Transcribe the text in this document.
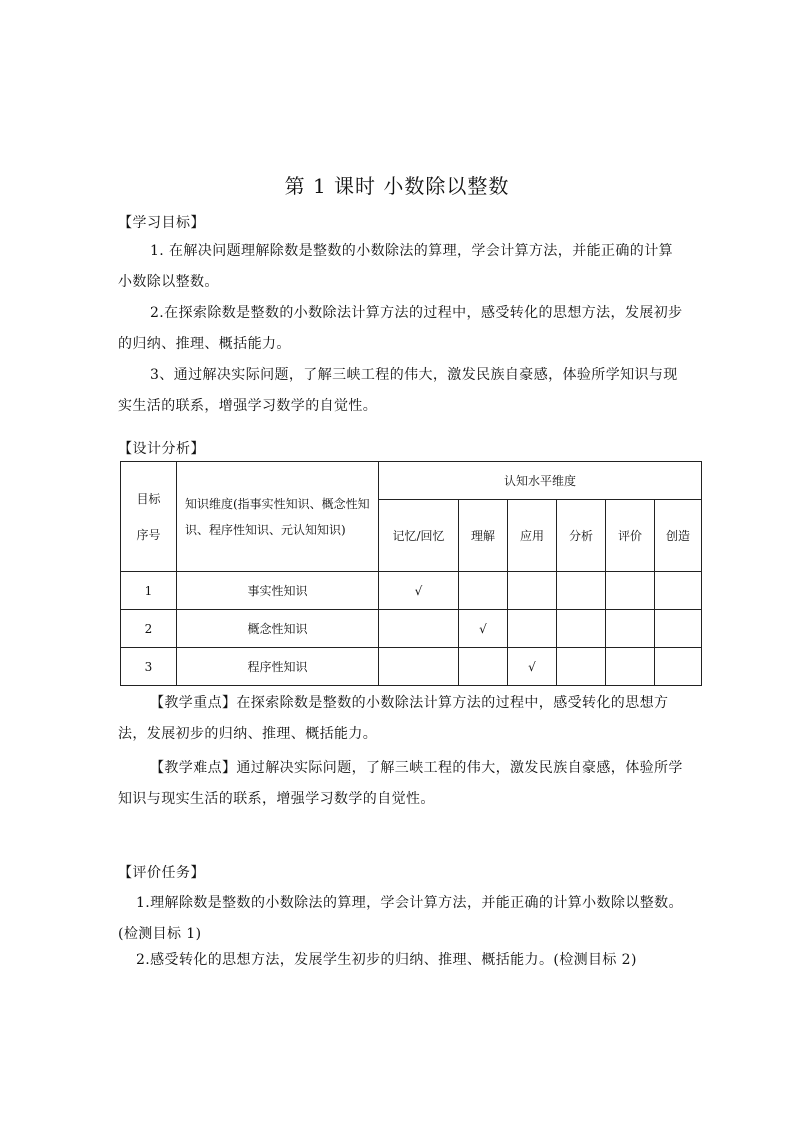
第 1 课时 小数除以整数
【学习目标】

1. 在解决问题理解除数是整数的小数除法的算理，学会计算方法，并能正确的计算小数除以整数。

2.在探索除数是整数的小数除法计算方法的过程中，感受转化的思想方法，发展初步的归纳、推理、概括能力。

3、通过解决实际问题，了解三峡工程的伟大，激发民族自豪感，体验所学知识与现实生活的联系，增强学习数学的自觉性。

【设计分析】
目标序号	知识维度(指事实性知识、概念性知识、程序性知识、元认知知识)	认知水平维度					
		记忆/回忆	理解	应用	分析	评价	创造
1	事实性知识	√					
2	概念性知识		√				
3	程序性知识			√			

【教学重点】在探索除数是整数的小数除法计算方法的过程中，感受转化的思想方法，发展初步的归纳、推理、概括能力。

【教学难点】通过解决实际问题，了解三峡工程的伟大，激发民族自豪感，体验所学知识与现实生活的联系，增强学习数学的自觉性。

【评价任务】

1.理解除数是整数的小数除法的算理，学会计算方法，并能正确的计算小数除以整数。(检测目标 1)

2.感受转化的思想方法，发展学生初步的归纳、推理、概括能力。(检测目标 2)
